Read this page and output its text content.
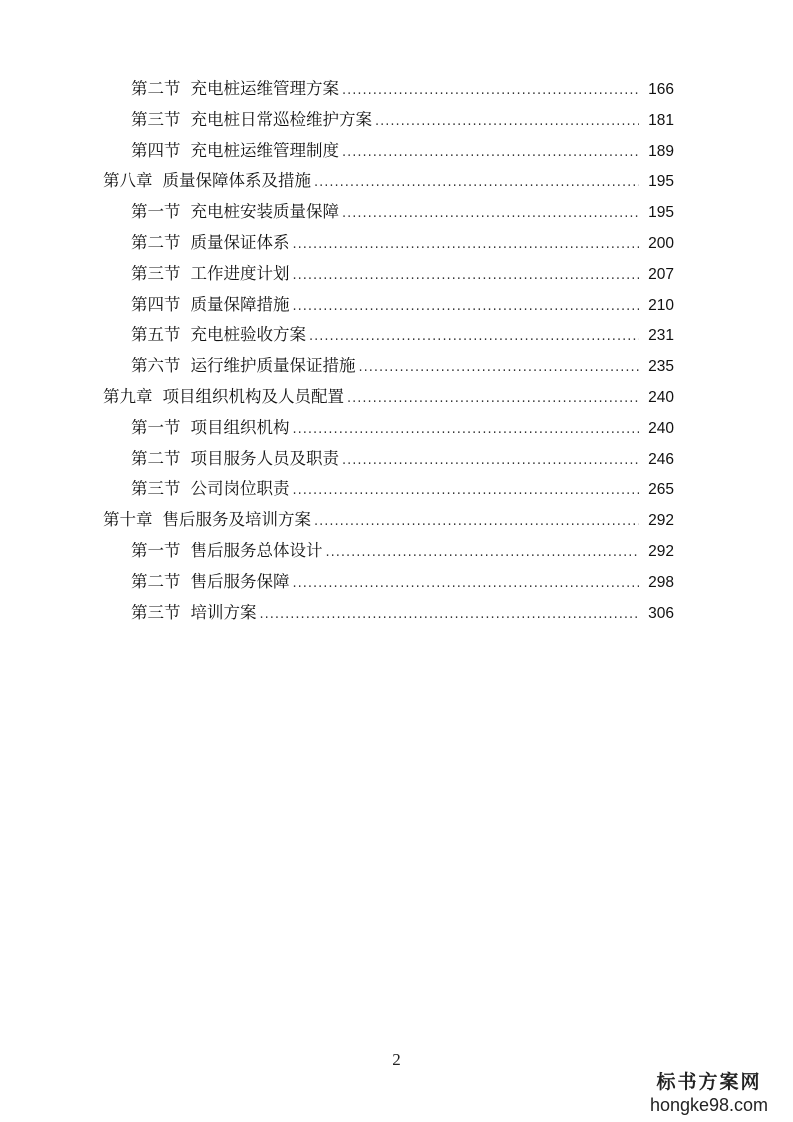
第二节 充电桩运维管理方案 .....	166
第三节 充电桩日常巡检维护方案 .....	181
第四节 充电桩运维管理制度 .....	189
第八章 质量保障体系及措施 .....	195
第一节 充电桩安装质量保障 .....	195
第二节 质量保证体系 .....	200
第三节 工作进度计划 .....	207
第四节 质量保障措施 .....	210
第五节 充电桩验收方案 .....	231
第六节 运行维护质量保证措施 .....	235
第九章 项目组织机构及人员配置 .....	240
第一节 项目组织机构 .....	240
第二节 项目服务人员及职责 .....	246
第三节 公司岗位职责 .....	265
第十章 售后服务及培训方案 .....	292
第一节 售后服务总体设计 .....	292
第二节 售后服务保障 .....	298
第三节 培训方案 .....	306
2
标书方案网
hongke98.com
